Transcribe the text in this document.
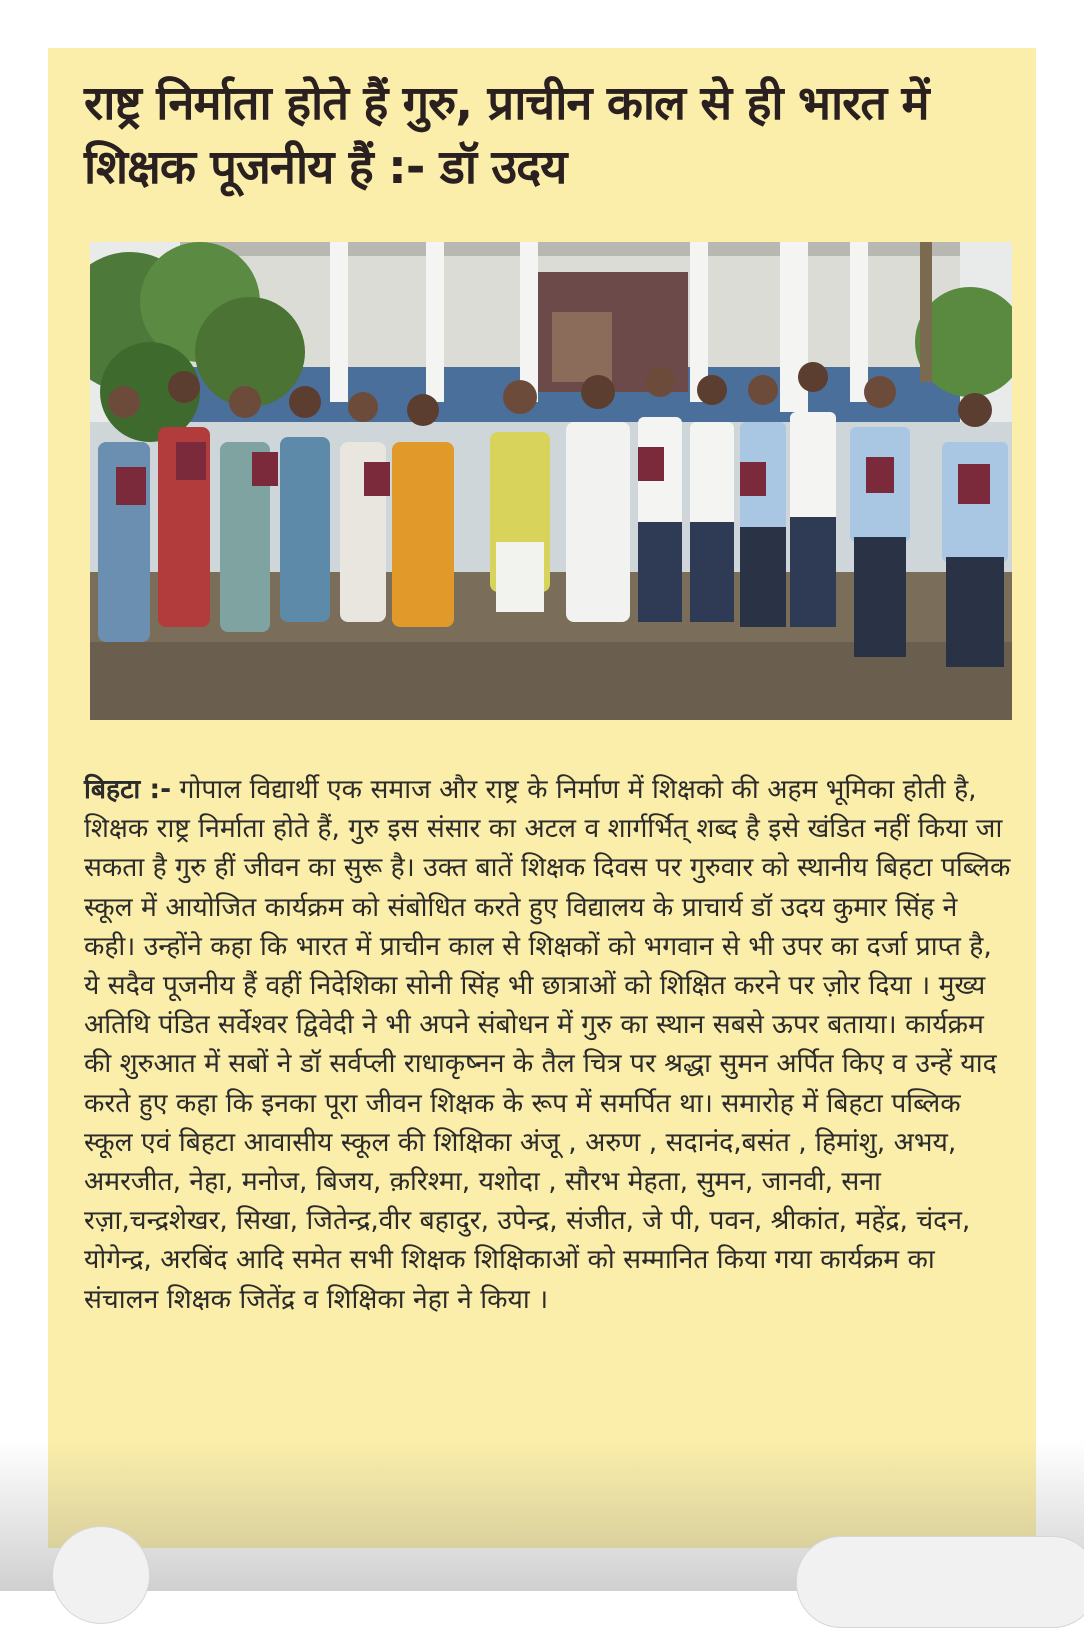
राष्ट्र निर्माता होते हैं गुरु, प्राचीन काल से ही भारत में शिक्षक पूजनीय हैं :- डॉ उदय

बिहटा :- गोपाल विद्यार्थी एक समाज और राष्ट्र के निर्माण में शिक्षको की अहम भूमिका होती है, शिक्षक राष्ट्र निर्माता होते हैं, गुरु इस संसार का अटल व शार्गर्भित् शब्द है इसे खंडित नहीं किया जा सकता है गुरु हीं जीवन का सुरू है। उक्त बातें शिक्षक दिवस पर गुरुवार को स्थानीय बिहटा पब्लिक स्कूल में आयोजित कार्यक्रम को संबोधित करते हुए विद्यालय के प्राचार्य डॉ उदय कुमार सिंह ने कही। उन्होंने कहा कि भारत में प्राचीन काल से शिक्षकों को भगवान से भी उपर का दर्जा प्राप्त है, ये सदैव पूजनीय हैं वहीं निदेशिका सोनी सिंह भी छात्राओं को शिक्षित करने पर ज़ोर दिया । मुख्य अतिथि पंडित सर्वेश्वर द्विवेदी ने भी अपने संबोधन में गुरु का स्थान सबसे ऊपर बताया। कार्यक्रम की शुरुआत में सबों ने डॉ सर्वप्ली राधाकृष्नन के तैल चित्र पर श्रद्धा सुमन अर्पित किए व उन्हें याद करते हुए कहा कि इनका पूरा जीवन शिक्षक के रूप में समर्पित था। समारोह में बिहटा पब्लिक स्कूल एवं बिहटा आवासीय स्कूल की शिक्षिका अंजू , अरुण , सदानंद,बसंत , हिमांशु, अभय, अमरजीत, नेहा, मनोज, बिजय, क़रिश्मा, यशोदा , सौरभ मेहता, सुमन, जानवी, सना रज़ा,चन्द्रशेखर, सिखा, जितेन्द्र,वीर बहादुर, उपेन्द्र, संजीत, जे पी, पवन, श्रीकांत, महेंद्र, चंदन, योगेन्द्र, अरबिंद आदि समेत सभी शिक्षक शिक्षिकाओं को सम्मानित किया गया कार्यक्रम का संचालन शिक्षक जितेंद्र व शिक्षिका नेहा ने किया ।
